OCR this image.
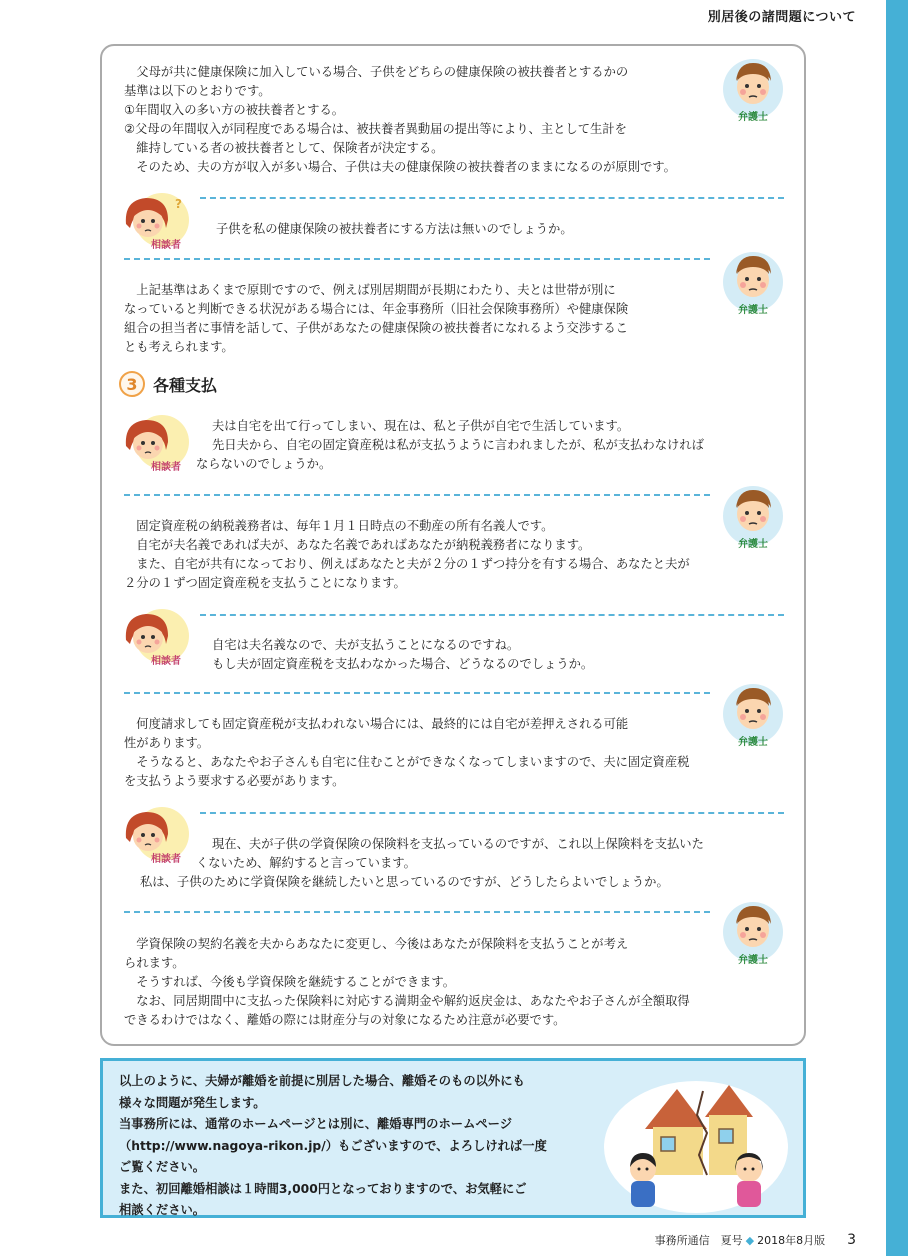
別居後の諸問題について
　父母が共に健康保険に加入している場合、子供をどちらの健康保険の被扶養者とするかの
基準は以下のとおりです。
①年間収入の多い方の被扶養者とする。
②父母の年間収入が同程度である場合は、被扶養者異動届の提出等により、主として生計を
　維持している者の被扶養者として、保険者が決定する。
　そのため、夫の方が収入が多い場合、子供は夫の健康保険の被扶養者のままになるのが原則です。
子供を私の健康保険の被扶養者にする方法は無いのでしょうか。
　上記基準はあくまで原則ですので、例えば別居期間が長期にわたり、夫とは世帯が別に
なっていると判断できる状況がある場合には、年金事務所（旧社会保険事務所）や健康保険
組合の担当者に事情を話して、子供があなたの健康保険の被扶養者になれるよう交渉するこ
とも考えられます。
3 各種支払
夫は自宅を出て行ってしまい、現在は、私と子供が自宅で生活しています。
先日夫から、自宅の固定資産税は私が支払うように言われましたが、私が支払わなければ
ならないのでしょうか。
　固定資産税の納税義務者は、毎年１月１日時点の不動産の所有名義人です。
　自宅が夫名義であれば夫が、あなた名義であればあなたが納税義務者になります。
　また、自宅が共有になっており、例えばあなたと夫が２分の１ずつ持分を有する場合、あなたと夫が
２分の１ずつ固定資産税を支払うことになります。
自宅は夫名義なので、夫が支払うことになるのですね。
もし夫が固定資産税を支払わなかった場合、どうなるのでしょうか。
　何度請求しても固定資産税が支払われない場合には、最終的には自宅が差押えされる可能
性があります。
　そうなると、あなたやお子さんも自宅に住むことができなくなってしまいますので、夫に固定資産税
を支払うよう要求する必要があります。
現在、夫が子供の学資保険の保険料を支払っているのですが、これ以上保険料を支払いた
くないため、解約すると言っています。
私は、子供のために学資保険を継続したいと思っているのですが、どうしたらよいでしょうか。
　学資保険の契約名義を夫からあなたに変更し、今後はあなたが保険料を支払うことが考え
られます。
　そうすれば、今後も学資保険を継続することができます。
　なお、同居期間中に支払った保険料に対応する満期金や解約返戻金は、あなたやお子さんが全額取得
できるわけではなく、離婚の際には財産分与の対象になるため注意が必要です。
弁護士
弁護士
弁護士
弁護士
弁護士
?
相談者
相談者
相談者
相談者
以上のように、夫婦が離婚を前提に別居した場合、離婚そのもの以外にも
様々な問題が発生します。
当事務所には、通常のホームページとは別に、離婚専門のホームページ
（http://www.nagoya-rikon.jp/）もございますので、よろしければ一度
ご覧ください。
また、初回離婚相談は１時間3,000円となっておりますので、お気軽にご
相談ください。
事務所通信　夏号 ◆ 2018年8月版 3
